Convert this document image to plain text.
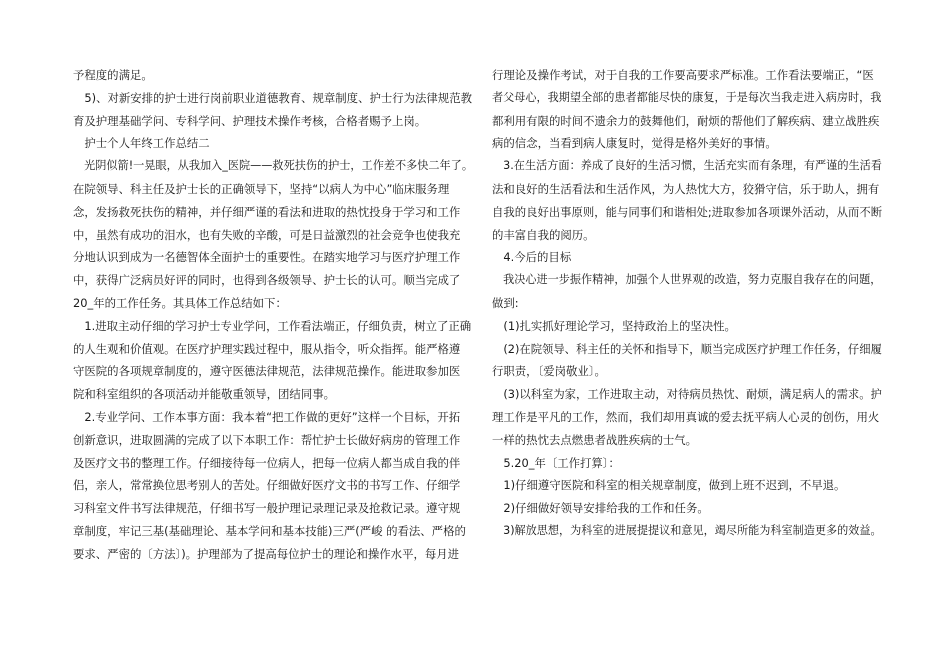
予程度的满足。
　5)、对新安排的护士进行岗前职业道德教育、规章制度、护士行为法律规范教
育及护理基础学问、专科学问、护理技术操作考核，合格者赐予上岗。
　护士个人年终工作总结二
　光阴似箭!一晃眼，从我加入_医院——救死扶伤的护士，工作差不多快二年了。
在院领导、科主任及护士长的正确领导下，坚持“以病人为中心”临床服务理
念，发扬救死扶伤的精神，并仔细严谨的看法和进取的热忱投身于学习和工作
中，虽然有成功的泪水，也有失败的辛酸，可是日益激烈的社会竞争也使我充
分地认识到成为一名德智体全面护士的重要性。在踏实地学习与医疗护理工作
中，获得广泛病员好评的同时，也得到各级领导、护士长的认可。顺当完成了
20_年的工作任务。其具体工作总结如下：
　1.进取主动仔细的学习护士专业学问，工作看法端正，仔细负责，树立了正确
的人生观和价值观。在医疗护理实践过程中，服从指令，听众指挥。能严格遵
守医院的各项规章制度的，遵守医德法律规范，法律规范操作。能进取参加医
院和科室组织的各项活动并能敬重领导，团结同事。
　2.专业学问、工作本事方面：我本着“把工作做的更好”这样一个目标，开拓
创新意识，进取圆满的完成了以下本职工作：帮忙护士长做好病房的管理工作
及医疗文书的整理工作。仔细接待每一位病人，把每一位病人都当成自我的伴
侣，亲人，常常换位思考别人的苦处。仔细做好医疗文书的书写工作、仔细学
习科室文件书写法律规范，仔细书写一般护理记录理记录及抢救记录。遵守规
章制度，牢记三基(基础理论、基本学问和基本技能)三严(严峻 的看法、严格的
要求、严密的〔方法〕)。护理部为了提高每位护士的理论和操作水平，每月进
行理论及操作考试，对于自我的工作要高要求严标准。工作看法要端正，“医
者父母心，我期望全部的患者都能尽快的康复，于是每次当我走进入病房时，我
都利用有限的时间不遗余力的鼓舞他们，耐烦的帮他们了解疾病、建立战胜疾
病的信念，当看到病人康复时，觉得是格外美好的事情。
　3.在生活方面：养成了良好的生活习惯，生活充实而有条理，有严谨的生活看
法和良好的生活看法和生活作风，为人热忱大方，狡猾守信，乐于助人，拥有
自我的良好出事原则，能与同事们和谐相处;进取参加各项课外活动，从而不断
的丰富自我的阅历。
　4.今后的目标
　我决心进一步振作精神，加强个人世界观的改造，努力克服自我存在的问题，
做到:
　(1)扎实抓好理论学习，坚持政治上的坚决性。
　(2)在院领导、科主任的关怀和指导下，顺当完成医疗护理工作任务，仔细履
行职责，〔爱岗敬业〕。
　(3)以科室为家，工作进取主动，对待病员热忱、耐烦，满足病人的需求。护
理工作是平凡的工作，然而，我们却用真诚的爱去抚平病人心灵的创伤，用火
一样的热忱去点燃患者战胜疾病的士气。
　5.20_年〔工作打算〕：
　1)仔细遵守医院和科室的相关规章制度，做到上班不迟到，不早退。
　2)仔细做好领导安排给我的工作和任务。
　3)解放思想，为科室的进展提提议和意见，竭尽所能为科室制造更多的效益。
